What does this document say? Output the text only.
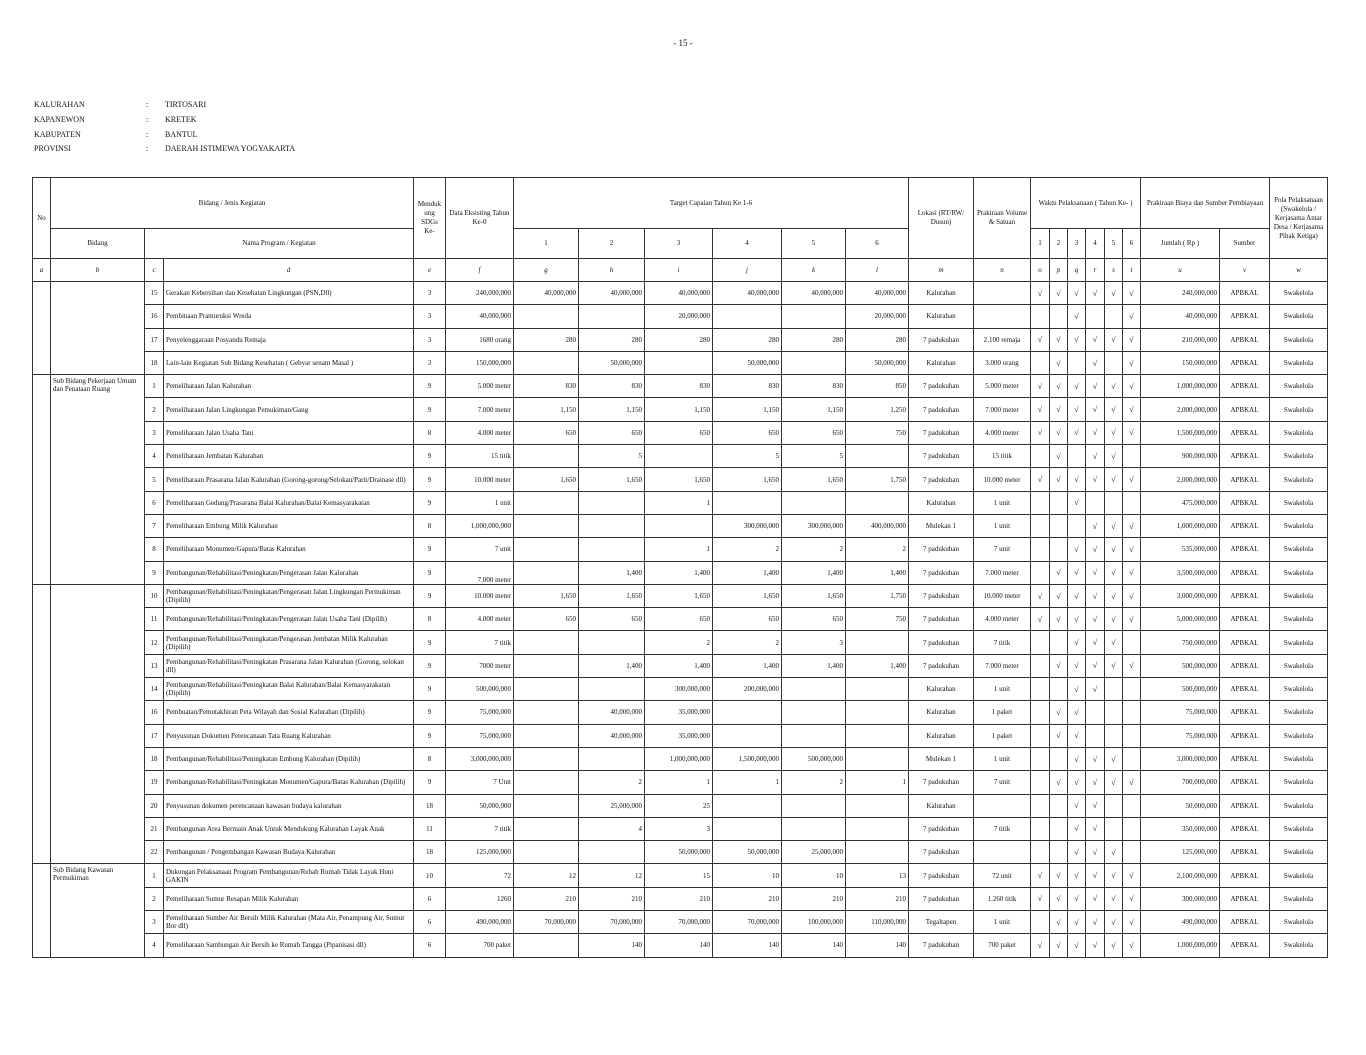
- 15 -
KALURAHAN	:	TIRTOSARI
KAPANEWON	:	KRETEK
KABUPATEN	:	BANTUL
PROVINSI	:	DAERAH ISTIMEWA YOGYAKARTA
No	Bidang / Jenis Kegiatan			Menduk ung SDGs Ke-	Data Eksisting Tahun Ke-0	Target Capaian Tahun Ke 1-6						Lokasi (RT/RW/ Dusun)	Prakiraan Volume & Satuan	Waktu Pelaksanaan ( Tahun Ke- )						Prakiraan Biaya dan Sumber Pembiayaan		Pola Pelaksanaan (Swakelola / Kerjasama Antar Desa / Kerjasama Pihak Ketiga)
	Bidang	Nama Program / Kegiatan				1	2	3	4	5	6			1	2	3	4	5	6	Jumlah ( Rp )	Sumber	
a	b	c	d	e	f	g	h	i	j	k	l	m	n	o	p	q	r	s	t	u	v	w
		15	Gerakan Kebersihan dan Kesehatan Lingkungan (PSN,Dll)	3	240,000,000	40,000,000	40,000,000	40,000,000	40,000,000	40,000,000	40,000,000	Kalurahan		√	√	√	√	√	√	240,000,000	APBKAL	Swakelola
		16	Pembinaan Pramuruksi Wreda	3	40,000,000			20,000,000			20,000,000	Kalurahan				√			√	40,000,000	APBKAL	Swakelola
		17	Penyelenggaraan Posyandu Remaja	3	1680 orang	280	280	280	280	280	280	7 padukuhan	2.100 remaja	√	√	√	√	√	√	210,000,000	APBKAL	Swakelola
		18	Lain-lain Kegiatan Sub Bidang Kesehatan ( Gebyar senam Masal )	3	150,000,000		50,000,000		50,000,000		50,000,000	Kalurahan	3.000 orang		√		√		√	150,000,000	APBKAL	Swakelola
	Sub Bidang Pekerjaan Umum dan Penataan Ruang	1	Pemeliharaan Jalan Kalurahan	9	5.000 meter	830	830	830	830	830	850	7 padukuhan	5.000 meter	√	√	√	√	√	√	1,000,000,000	APBKAL	Swakelola
		2	Pemeliharaan Jalan Lingkungan Pemukiman/Gang	9	7.000 meter	1,150	1,150	1,150	1,150	1,150	1,250	7 padukuhan	7.000 meter	√	√	√	√	√	√	2,000,000,000	APBKAL	Swakelola
		3	Pemeliharaan Jalan Usaha Tani	8	4.000 meter	650	650	650	650	650	750	7 padukuhan	4.000 meter	√	√	√	√	√	√	1,500,000,000	APBKAL	Swakelola
		4	Pemeliharaan Jembatan Kalurahan	9	15 titik		5		5	5		7 padukuhan	15 titik		√		√	√		900,000,000	APBKAL	Swakelola
		5	Pemeliharaan Prasarana Jalan Kalurahan (Gorong-gorong/Selokan/Parit/Drainase dll)	9	10.000 meter	1,650	1,650	1,650	1,650	1,650	1,750	7 padukuhan	10.000 meter	√	√	√	√	√	√	2,000,000,000	APBKAL	Swakelola
		6	Pemeliharaan Gedung/Prasarana Balai Kalurahan/Balai Kemasyarakatan	9	1 unit			1				Kalurahan	1 unit			√				475,000,000	APBKAL	Swakelola
		7	Pemeliharaan Embung Milik Kalurahan	8	1,000,000,000				300,000,000	300,000,000	400,000,000	Mulekan 1	1 unit				√	√	√	1,000,000,000	APBKAL	Swakelola
		8	Pemeliharaan Monumen/Gapura/Batas Kalurahan	9	7 unit			1	2	2	2	7 padukuhan	7 unit			√	√	√	√	535,000,000	APBKAL	Swakelola
		9	Pembangunan/Rehabilitasi/Peningkatan/Pengerasan Jalan Kalurahan	9	7.000 meter		1,400	1,400	1,400	1,400	1,400	7 padukuhan	7.000 meter		√	√	√	√	√	3,500,000,000	APBKAL	Swakelola
		10	Pembangunan/Rehabilitasi/Peningkatan/Pengerasan Jalan Lingkungan Permukiman (Dipilih)	9	10.000 meter	1,650	1,650	1,650	1,650	1,650	1,750	7 padukuhan	10.000 meter	√	√	√	√	√	√	3,000,000,000	APBKAL	Swakelola
		11	Pembangunan/Rehabilitasi/Peningkatan/Pengerasan Jalan Usaha Tani (Dipilih)	8	4.000 meter	650	650	650	650	650	750	7 padukuhan	4.000 meter	√	√	√	√	√	√	5,000,000,000	APBKAL	Swakelola
		12	Pembangunan/Rehabilitasi/Peningkatan/Pengerasan Jembatan Milik Kalurahan (Dipilih)	9	7 titik			2	2	3		7 padukuhan	7 titik			√	√	√		750,000,000	APBKAL	Swakelola
		13	Pembangunan/Rehabilitasi/Peningkatan Prasarana Jalan Kalurahan (Gorong, selokan dll)	9	7000 meter		1,400	1,400	1,400	1,400	1,400	7 padukuhan	7.000 meter		√	√	√	√	√	500,000,000	APBKAL	Swakelola
		14	Pembangunan/Rehabilitasi/Peningkatan Balai Kalurahan/Balai Kemasyarakatan (Dipilih)	9	500,000,000			300,000,000	200,000,000			Kalurahan	1 unit			√	√			500,000,000	APBKAL	Swakelola
		16	Pembuatan/Pemutakhiran Peta Wilayah dan Sosial Kalurahan (Dipilih)	9	75,000,000		40,000,000	35,000,000				Kalurahan	1 paket		√	√				75,000,000	APBKAL	Swakelola
		17	Penyusunan Dokumen Perencanaan Tata Ruang Kalurahan	9	75,000,000		40,000,000	35,000,000				Kalurahan	1 paket		√	√				75,000,000	APBKAL	Swakelola
		18	Pembangunan/Rehabilitasi/Peningkatan Embung Kalurahan (Dipilih)	8	3,000,000,000			1,000,000,000	1,500,000,000	500,000,000		Mulekan 1	1 unit			√	√	√		3,000,000,000	APBKAL	Swakelola
		19	Pembangunan/Rehabilitasi/Peningkatan Monumen/Gapura/Batas Kalurahan (Dipilih)	9	7 Unit		2	1	1	2	1	7 padukuhan	7 unit		√	√	√	√	√	700,000,000	APBKAL	Swakelola
		20	Penyusunan dokumen perencanaan kawasan budaya kalurahan	18	50,000,000		25,000,000	25				Kalurahan				√	√			50,000,000	APBKAL	Swakelola
		21	Pembangunan Area Bermain Anak Untuk Mendukung Kalurahan Layak Anak	11	7 titik		4	3				7 padukuhan	7 titik			√	√			350,000,000	APBKAL	Swakelola
		22	Pembangunan / Pengembangan Kawasan Budaya Kalurahan	18	125,000,000			50,000,000	50,000,000	25,000,000		7 padukuhan				√	√	√		125,000,000	APBKAL	Swakelola
	Sub Bidang Kawasan Permukiman	1	Dukungan Pelaksanaan Program Pembangunan/Rehab Rumah Tidak Layak Huni GAKIN	10	72	12	12	15	10	10	13	7 padukuhan	72 unit	√	√	√	√	√	√	2,100,000,000	APBKAL	Swakelola
		2	Pemeliharaan Sumur Resapan Milik Kalurahan	6	1260	210	210	210	210	210	210	7 padukuhan	1.260 titik	√	√	√	√	√	√	300,000,000	APBKAL	Swakelola
		3	Pemeliharaan Sumber Air Bersih Milik Kalurahan (Mata Air, Penampung Air, Sumur Bor dll)	6	490,000,000	70,000,000	70,000,000	70,000,000	70,000,000	100,000,000	110,000,000	Tegaltapen	1 unit		√	√	√	√	√	490,000,000	APBKAL	Swakelola
		4	Pemeliharaan Sambungan Air Bersih ke Rumah Tangga (Pipanisasi dll)	6	700 paket		140	140	140	140	140	7 padukuhan	700 paket	√	√	√	√	√	√	1,000,000,000	APBKAL	Swakelola
